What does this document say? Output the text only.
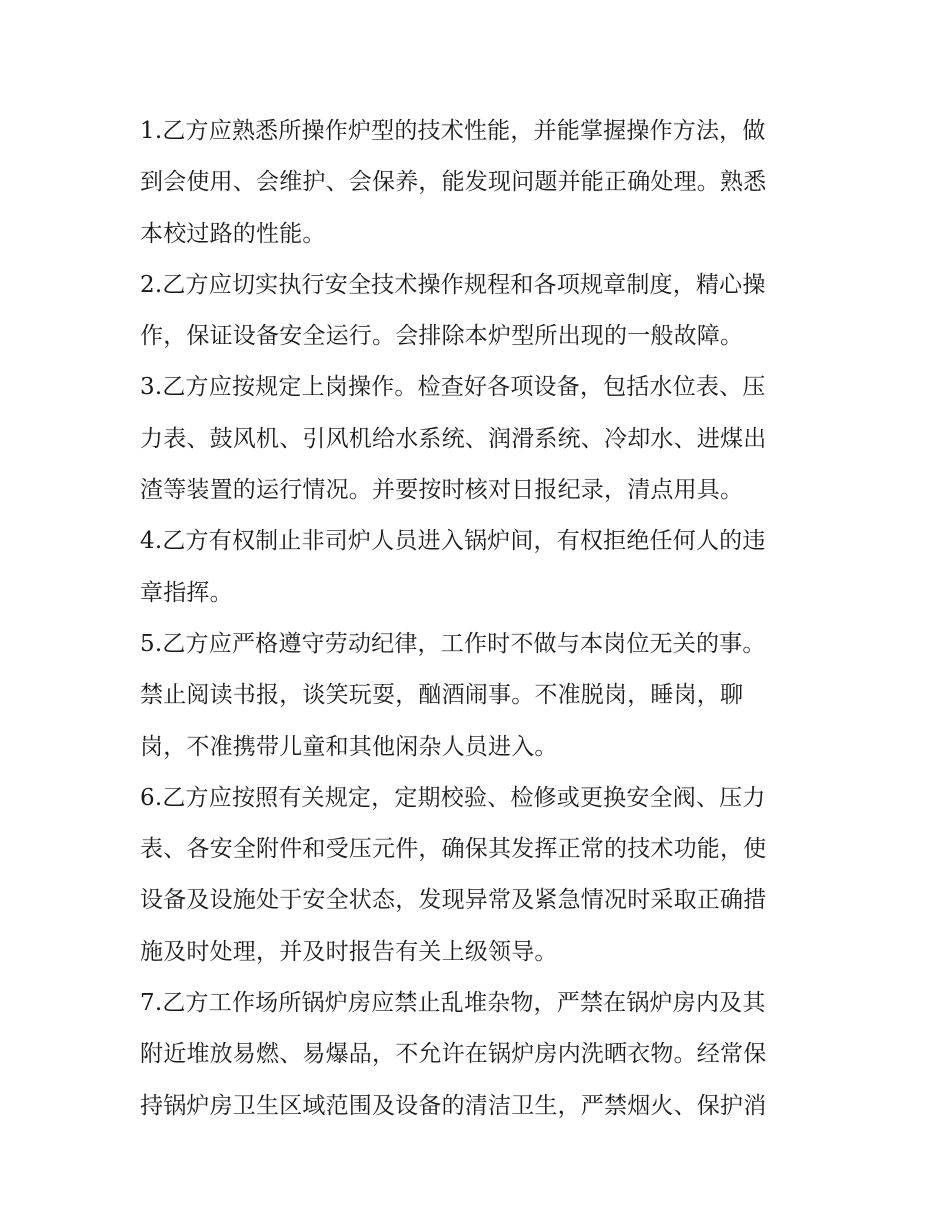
1.乙方应熟悉所操作炉型的技术性能，并能掌握操作方法，做
到会使用、会维护、会保养，能发现问题并能正确处理。熟悉
本校过路的性能。
2.乙方应切实执行安全技术操作规程和各项规章制度，精心操
作，保证设备安全运行。会排除本炉型所出现的一般故障。
3.乙方应按规定上岗操作。检查好各项设备，包括水位表、压
力表、鼓风机、引风机给水系统、润滑系统、冷却水、进煤出
渣等装置的运行情况。并要按时核对日报纪录，清点用具。
4.乙方有权制止非司炉人员进入锅炉间，有权拒绝任何人的违
章指挥。
5.乙方应严格遵守劳动纪律，工作时不做与本岗位无关的事。
禁止阅读书报，谈笑玩耍，酗酒闹事。不准脱岗，睡岗，聊
岗，不准携带儿童和其他闲杂人员进入。
6.乙方应按照有关规定，定期校验、检修或更换安全阀、压力
表、各安全附件和受压元件，确保其发挥正常的技术功能，使
设备及设施处于安全状态，发现异常及紧急情况时采取正确措
施及时处理，并及时报告有关上级领导。
7.乙方工作场所锅炉房应禁止乱堆杂物，严禁在锅炉房内及其
附近堆放易燃、易爆品，不允许在锅炉房内洗晒衣物。经常保
持锅炉房卫生区域范围及设备的清洁卫生，严禁烟火、保护消
